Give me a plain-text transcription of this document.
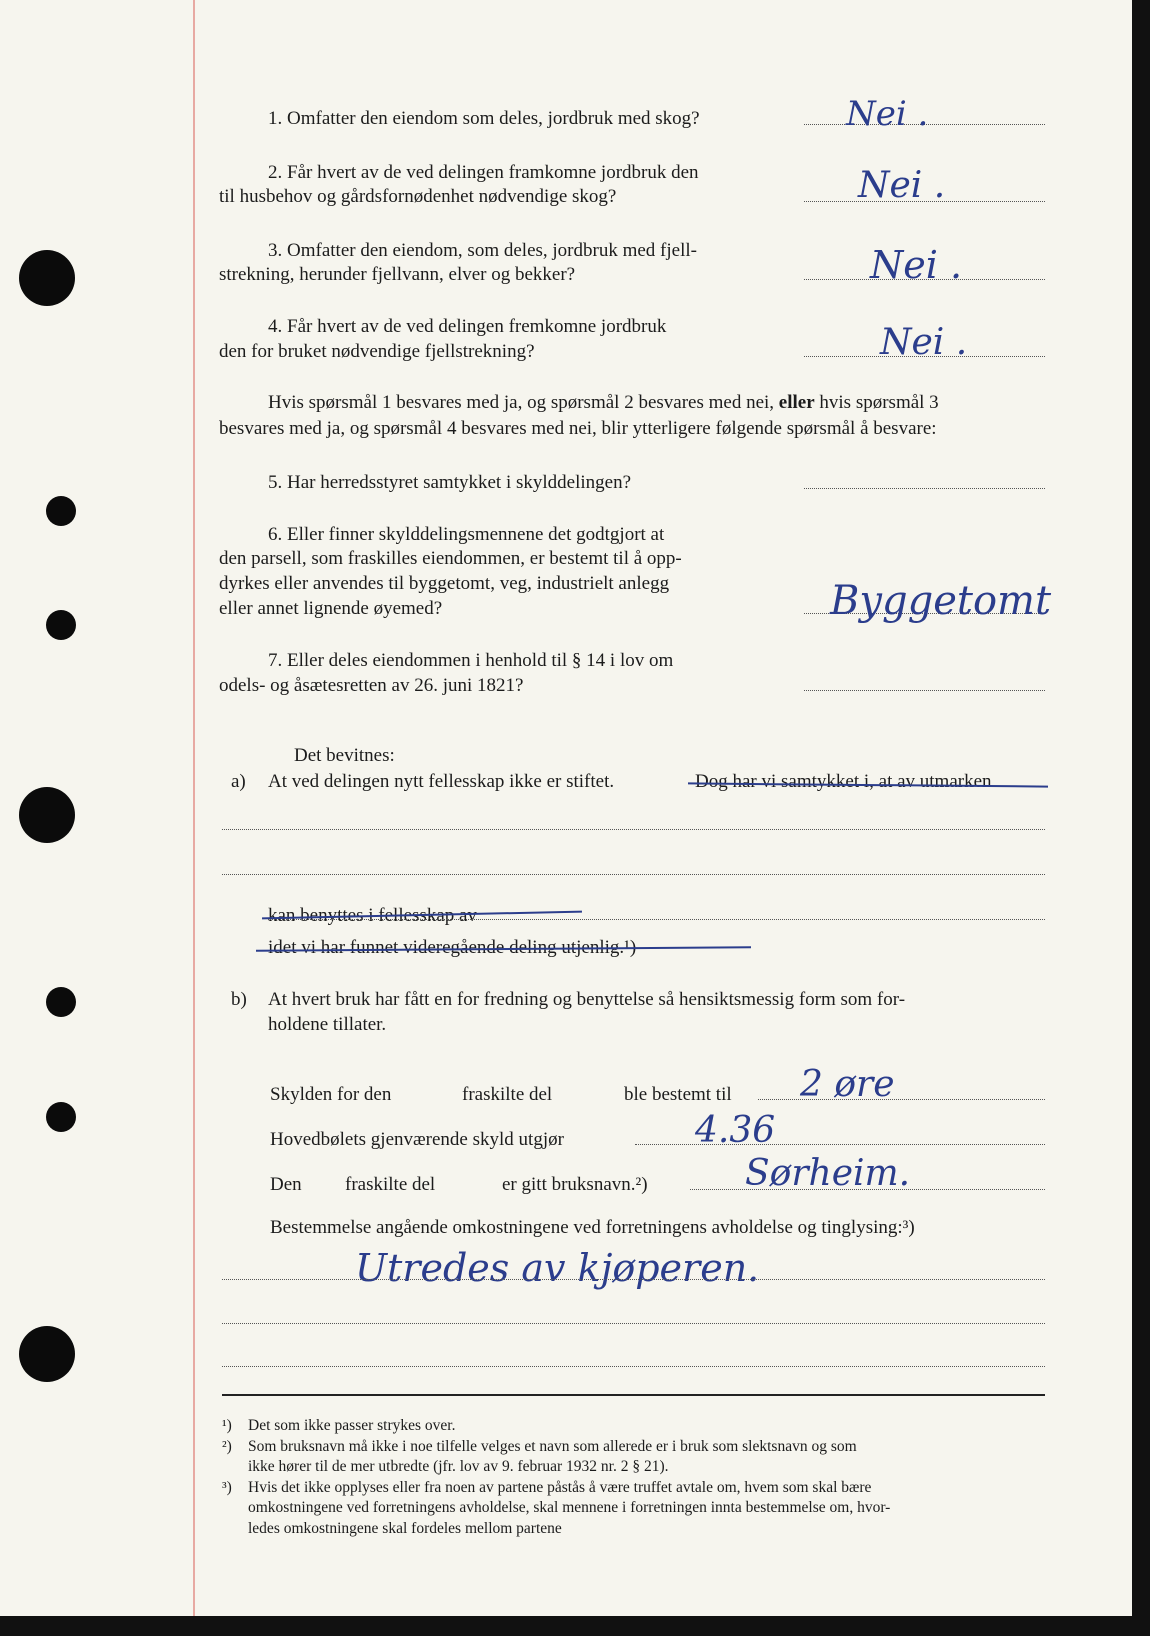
1. Omfatter den eiendom som deles, jordbruk med skog?	Nei .
2. Får hvert av de ved delingen framkomne jordbruk den
til husbehov og gårdsfornødenhet nødvendige skog?	Nei .
3. Omfatter den eiendom, som deles, jordbruk med fjell-
strekning, herunder fjellvann, elver og bekker?	Nei .
4. Får hvert av de ved delingen fremkomne jordbruk
den for bruket nødvendige fjellstrekning?	Nei .
Hvis spørsmål 1 besvares med ja, og spørsmål 2 besvares med nei, eller hvis spørsmål 3
besvares med ja, og spørsmål 4 besvares med nei, blir ytterligere følgende spørsmål å besvare:
5. Har herredsstyret samtykket i skylddelingen?
6. Eller finner skylddelingsmennene det godtgjort at
den parsell, som fraskilles eiendommen, er bestemt til å opp-
dyrkes eller anvendes til byggetomt, veg, industrielt anlegg
eller annet lignende øyemed?	Byggetomt
7. Eller deles eiendommen i henhold til § 14 i lov om
odels- og åsætesretten av 26. juni 1821?
Det bevitnes:
a) At ved delingen nytt fellesskap ikke er stiftet.	Dog har vi samtykket i, at av utmarken
kan benyttes i fellesskap av
idet vi har funnet videregående deling utjenlig.¹)
b) At hvert bruk har fått en for fredning og benyttelse så hensiktsmessig form som for-
holdene tillater.
Skylden for den	fraskilte del	ble bestemt til 2 øre
Hovedbølets gjenværende skyld utgjør	4.36
Den fraskilte del	er gitt bruksnavn.²)	Sørheim.
Bestemmelse angående omkostningene ved forretningens avholdelse og tinglysing:³)
Utredes av kjøperen.
¹) Det som ikke passer strykes over.
²) Som bruksnavn må ikke i noe tilfelle velges et navn som allerede er i bruk som slektsnavn og som
ikke hører til de mer utbredte (jfr. lov av 9. februar 1932 nr. 2 § 21).
³) Hvis det ikke opplyses eller fra noen av partene påstås å være truffet avtale om, hvem som skal bære
omkostningene ved forretningens avholdelse, skal mennene i forretningen innta bestemmelse om, hvor-
ledes omkostningene skal fordeles mellom partene
